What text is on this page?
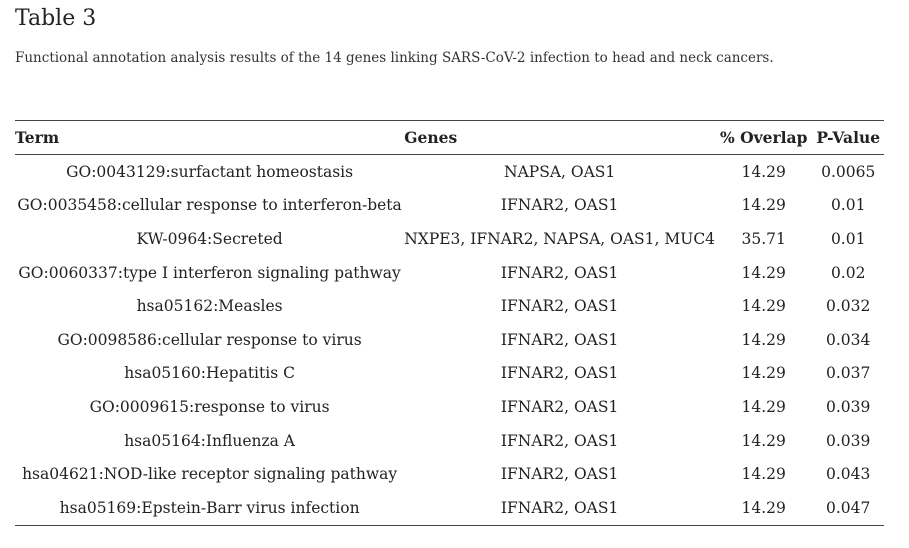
Table 3

Functional annotation analysis results of the 14 genes linking SARS-CoV-2 infection to head and neck cancers.

Term	Genes	% Overlap	P-Value
GO:0043129:surfactant homeostasis	NAPSA, OAS1	14.29	0.0065
GO:0035458:cellular response to interferon-beta	IFNAR2, OAS1	14.29	0.01
KW-0964:Secreted	NXPE3, IFNAR2, NAPSA, OAS1, MUC4	35.71	0.01
GO:0060337:type I interferon signaling pathway	IFNAR2, OAS1	14.29	0.02
hsa05162:Measles	IFNAR2, OAS1	14.29	0.032
GO:0098586:cellular response to virus	IFNAR2, OAS1	14.29	0.034
hsa05160:Hepatitis C	IFNAR2, OAS1	14.29	0.037
GO:0009615:response to virus	IFNAR2, OAS1	14.29	0.039
hsa05164:Influenza A	IFNAR2, OAS1	14.29	0.039
hsa04621:NOD-like receptor signaling pathway	IFNAR2, OAS1	14.29	0.043
hsa05169:Epstein-Barr virus infection	IFNAR2, OAS1	14.29	0.047
